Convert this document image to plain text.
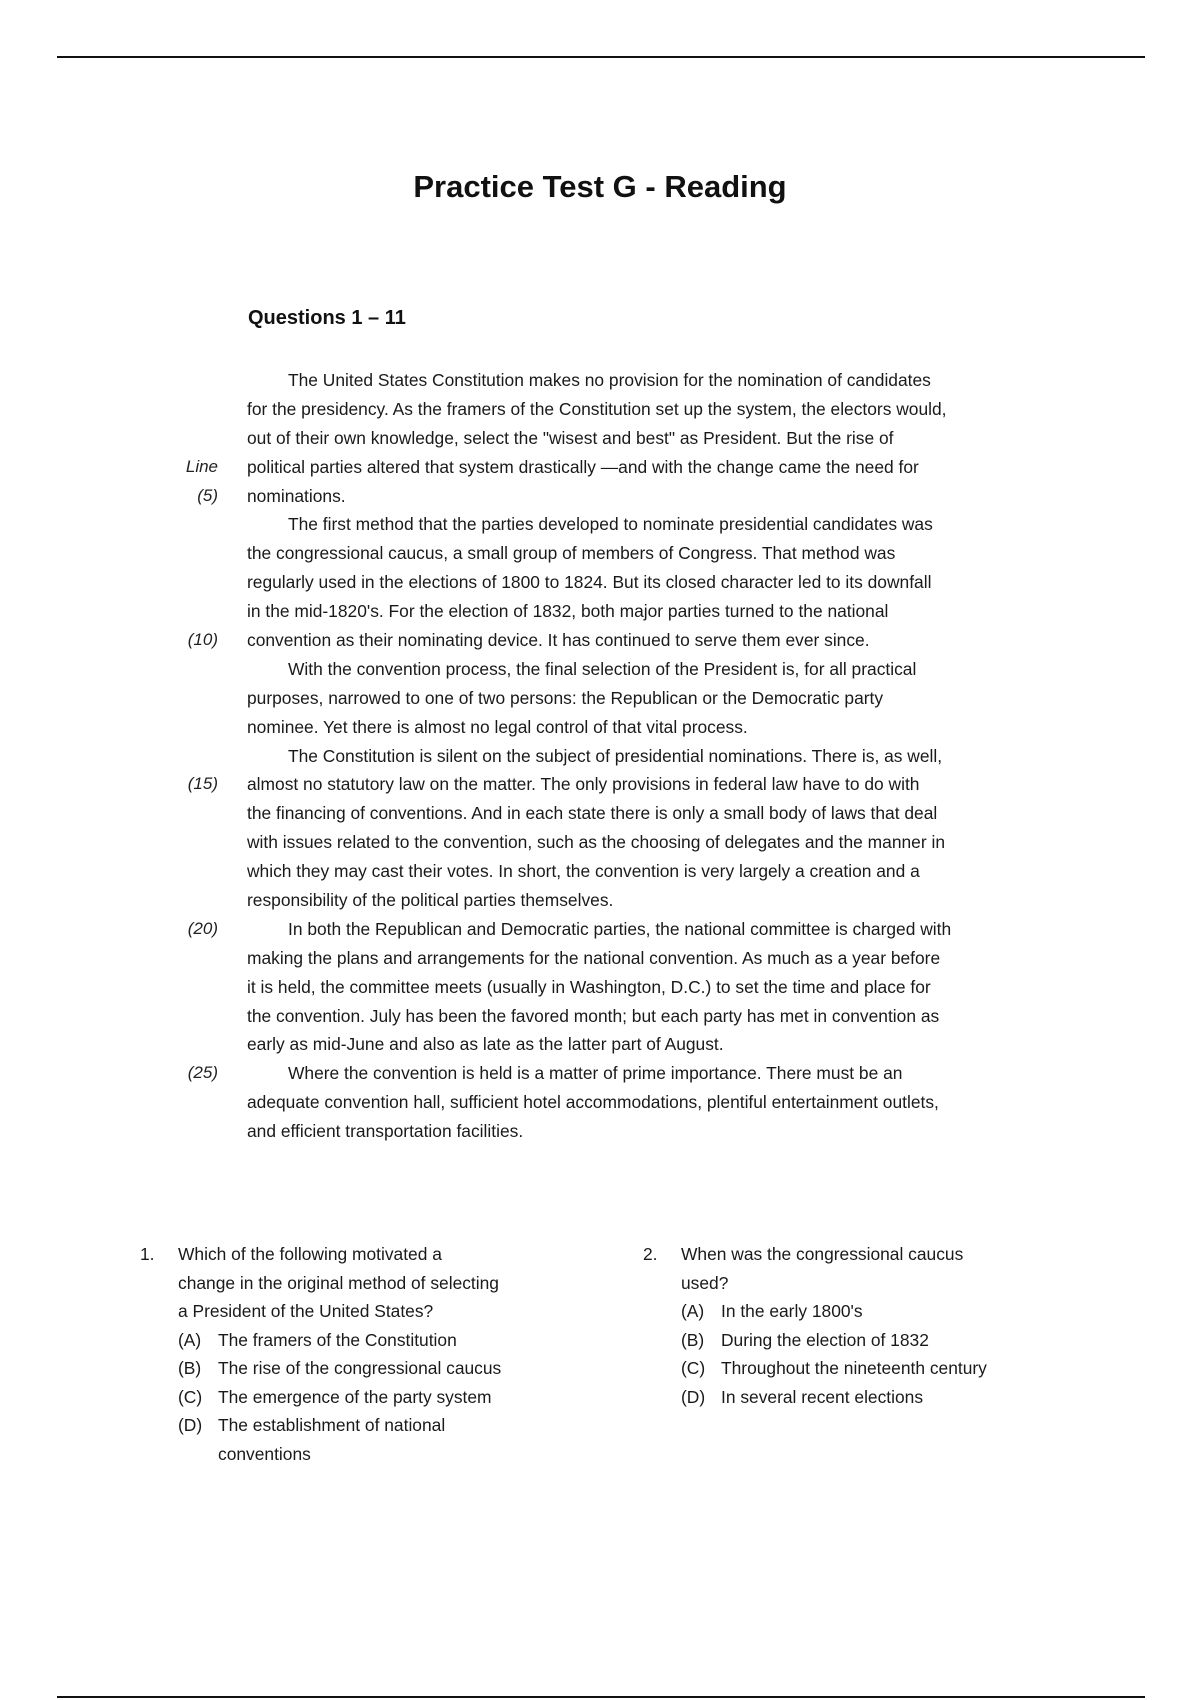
Practice Test G - Reading
Questions 1 – 11
The United States Constitution makes no provision for the nomination of candidates
for the presidency. As the framers of the Constitution set up the system, the electors would,
out of their own knowledge, select the "wisest and best" as President. But the rise of
Line political parties altered that system drastically —and with the change came the need for
(5) nominations.
The first method that the parties developed to nominate presidential candidates was
the congressional caucus, a small group of members of Congress. That method was
regularly used in the elections of 1800 to 1824. But its closed character led to its downfall
in the mid-1820's. For the election of 1832, both major parties turned to the national
(10) convention as their nominating device. It has continued to serve them ever since.
With the convention process, the final selection of the President is, for all practical
purposes, narrowed to one of two persons: the Republican or the Democratic party
nominee. Yet there is almost no legal control of that vital process.
The Constitution is silent on the subject of presidential nominations. There is, as well,
(15) almost no statutory law on the matter. The only provisions in federal law have to do with
the financing of conventions. And in each state there is only a small body of laws that deal
with issues related to the convention, such as the choosing of delegates and the manner in
which they may cast their votes. In short, the convention is very largely a creation and a
responsibility of the political parties themselves.
(20)	In both the Republican and Democratic parties, the national committee is charged with
making the plans and arrangements for the national convention. As much as a year before
it is held, the committee meets (usually in Washington, D.C.) to set the time and place for
the convention. July has been the favored month; but each party has met in convention as
early as mid-June and also as late as the latter part of August.
(25)	Where the convention is held is a matter of prime importance. There must be an
adequate convention hall, sufficient hotel accommodations, plentiful entertainment outlets,
and efficient transportation facilities.
1. Which of the following motivated a
change in the original method of selecting
a President of the United States?
(A) The framers of the Constitution
(B) The rise of the congressional caucus
(C) The emergence of the party system
(D) The establishment of national
conventions
2. When was the congressional caucus
used?
(A) In the early 1800's
(B) During the election of 1832
(C) Throughout the nineteenth century
(D) In several recent elections
